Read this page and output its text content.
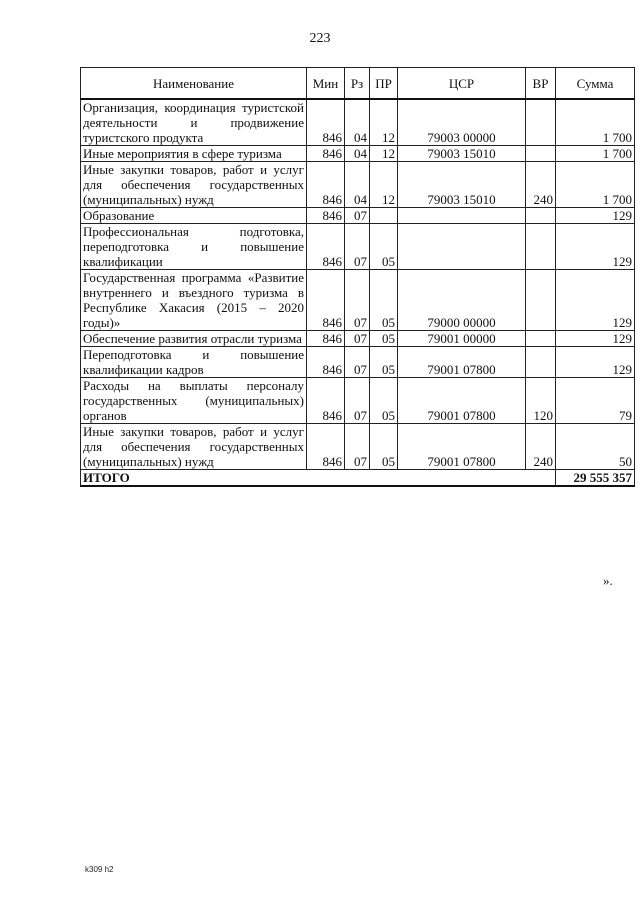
223
Наименование	Мин	Рз	ПР	ЦСР	ВР	Сумма
Организация, координация туристской деятельности и продвижение туристского продукта	846	04	12	79003 00000		1 700
Иные мероприятия в сфере туризма	846	04	12	79003 15010		1 700
Иные закупки товаров, работ и услуг для обеспечения государственных (муниципальных) нужд	846	04	12	79003 15010	240	1 700
Образование	846	07				129
Профессиональная подготовка, переподготовка и повышение квалификации	846	07	05			129
Государственная программа «Развитие внутреннего и въездного туризма в Республике Хакасия (2015 – 2020 годы)»	846	07	05	79000 00000		129
Обеспечение развития отрасли туризма	846	07	05	79001 00000		129
Переподготовка и повышение квалификации кадров	846	07	05	79001 07800		129
Расходы на выплаты персоналу государственных (муниципальных) органов	846	07	05	79001 07800	120	79
Иные закупки товаров, работ и услуг для обеспечения государственных (муниципальных) нужд	846	07	05	79001 07800	240	50
ИТОГО						29 555 357
».
k309 h2
